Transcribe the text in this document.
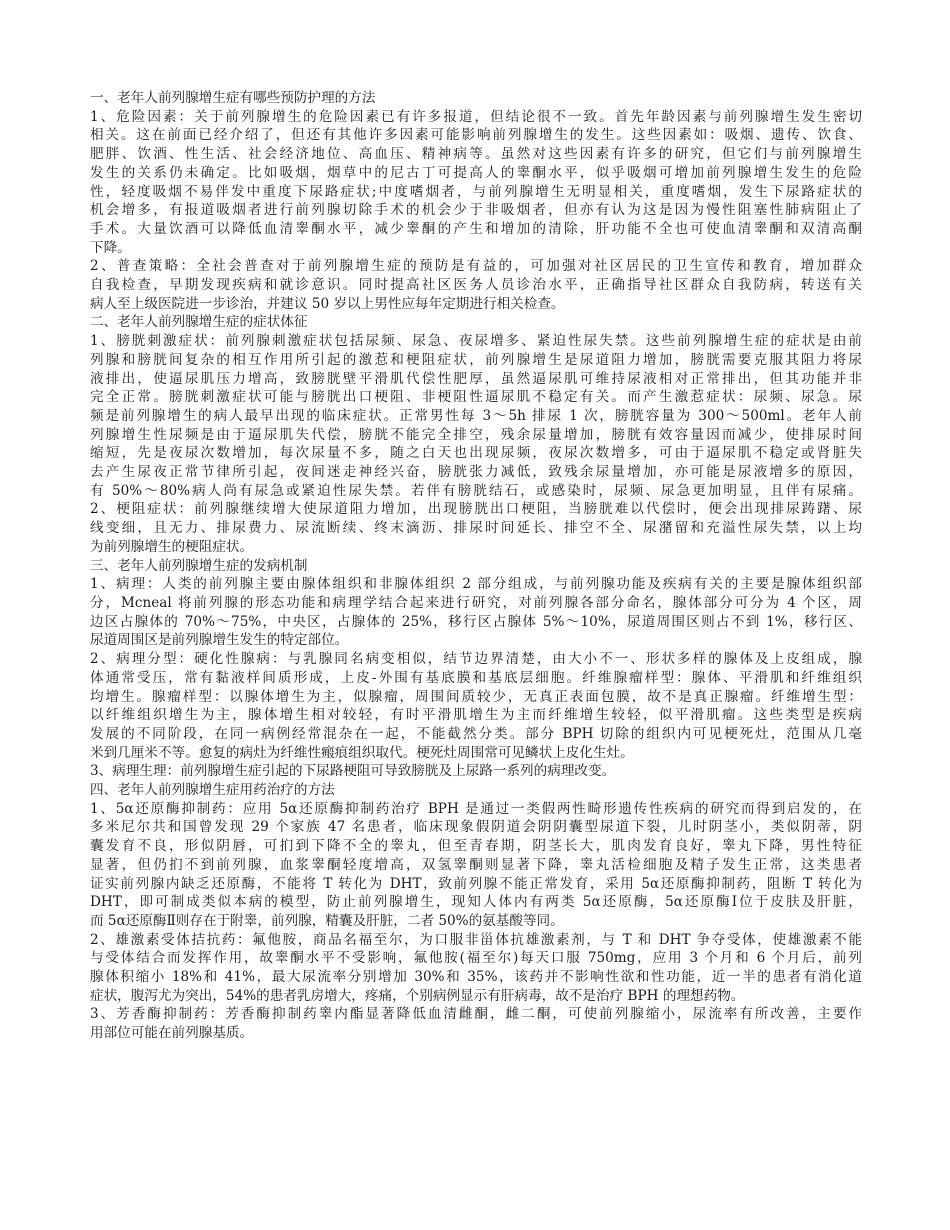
一、老年人前列腺增生症有哪些预防护理的方法
1、危险因素：关于前列腺增生的危险因素已有许多报道，但结论很不一致。首先年龄因素与前列腺增生发生密切
相关。这在前面已经介绍了，但还有其他许多因素可能影响前列腺增生的发生。这些因素如：吸烟、遗传、饮食、
肥胖、饮酒、性生活、社会经济地位、高血压、精神病等。虽然对这些因素有许多的研究，但它们与前列腺增生
发生的关系仍未确定。比如吸烟，烟草中的尼古丁可提高人的睾酮水平，似乎吸烟可增加前列腺增生发生的危险
性，轻度吸烟不易伴发中重度下尿路症状;中度嗜烟者，与前列腺增生无明显相关，重度嗜烟，发生下尿路症状的
机会增多，有报道吸烟者进行前列腺切除手术的机会少于非吸烟者，但亦有认为这是因为慢性阻塞性肺病阻止了
手术。大量饮酒可以降低血清睾酮水平，减少睾酮的产生和增加的清除，肝功能不全也可使血清睾酮和双清高酮
下降。
2、普查策略：全社会普查对于前列腺增生症的预防是有益的，可加强对社区居民的卫生宣传和教育，增加群众
自我检查，早期发现疾病和就诊意识。同时提高社区医务人员诊治水平，正确指导社区群众自我防病，转送有关
病人至上级医院进一步诊治，并建议 50 岁以上男性应每年定期进行相关检查。
二、老年人前列腺增生症的症状体征
1、膀胱刺激症状：前列腺刺激症状包括尿频、尿急、夜尿增多、紧迫性尿失禁。这些前列腺增生症的症状是由前
列腺和膀胱间复杂的相互作用所引起的激惹和梗阻症状，前列腺增生是尿道阻力增加，膀胱需要克服其阻力将尿
液排出，使逼尿肌压力增高，致膀胱壁平滑肌代偿性肥厚，虽然逼尿肌可维持尿液相对正常排出，但其功能并非
完全正常。膀胱刺激症状可能与膀胱出口梗阻、非梗阻性逼尿肌不稳定有关。而产生激惹症状：尿频、尿急。尿
频是前列腺增生的病人最早出现的临床症状。正常男性每 3～5h 排尿 1 次，膀胱容量为 300～500ml。老年人前
列腺增生性尿频是由于逼尿肌失代偿，膀胱不能完全排空，残余尿量增加，膀胱有效容量因而减少，使排尿时间
缩短，先是夜尿次数增加，每次尿量不多，随之白天也出现尿频，夜尿次数增多，可由于逼尿肌不稳定或肾脏失
去产生尿夜正常节律所引起，夜间迷走神经兴奋，膀胱张力减低，致残余尿量增加，亦可能是尿液增多的原因，
有 50%～80%病人尚有尿急或紧迫性尿失禁。若伴有膀胱结石，或感染时，尿频、尿急更加明显，且伴有尿痛。
2、梗阻症状：前列腺继续增大使尿道阻力增加，出现膀胱出口梗阻，当膀胱难以代偿时，便会出现排尿踌躇、尿
线变细，且无力、排尿费力、尿流断续、终末滴沥、排尿时间延长、排空不全、尿潴留和充溢性尿失禁，以上均
为前列腺增生的梗阻症状。
三、老年人前列腺增生症的发病机制
1、病理：人类的前列腺主要由腺体组织和非腺体组织 2 部分组成，与前列腺功能及疾病有关的主要是腺体组织部
分，Mcneal 将前列腺的形态功能和病理学结合起来进行研究，对前列腺各部分命名，腺体部分可分为 4 个区，周
边区占腺体的 70%～75%，中央区，占腺体的 25%，移行区占腺体 5%～10%，尿道周围区则占不到 1%，移行区、
尿道周围区是前列腺增生发生的特定部位。
2、病理分型：硬化性腺病：与乳腺同名病变相似，结节边界清楚，由大小不一、形状多样的腺体及上皮组成，腺
体通常受压，常有黏液样间质形成，上皮-外围有基底膜和基底层细胞。纤维腺瘤样型：腺体、平滑肌和纤维组织
均增生。腺瘤样型：以腺体增生为主，似腺瘤，周围间质较少，无真正表面包膜，故不是真正腺瘤。纤维增生型：
以纤维组织增生为主，腺体增生相对较轻，有时平滑肌增生为主而纤维增生较轻，似平滑肌瘤。这些类型是疾病
发展的不同阶段，在同一病例经常混杂在一起，不能截然分类。部分 BPH 切除的组织内可见梗死灶，范围从几毫
米到几厘米不等。愈复的病灶为纤维性瘢痕组织取代。梗死灶周围常可见鳞状上皮化生灶。
3、病理生理：前列腺增生症引起的下尿路梗阻可导致膀胱及上尿路一系列的病理改变。
四、老年人前列腺增生症用药治疗的方法
1、5α还原酶抑制药：应用 5α还原酶抑制药治疗 BPH 是通过一类假两性畸形遗传性疾病的研究而得到启发的，在
多米尼尔共和国曾发现 29 个家族 47 名患者，临床现象假阴道会阴阴囊型尿道下裂，儿时阴茎小，类似阴蒂，阴
囊发育不良，形似阴唇，可扪到下降不全的睾丸，但至青春期，阴茎长大，肌肉发育良好，睾丸下降，男性特征
显著，但仍扪不到前列腺，血浆睾酮轻度增高，双氢睾酮则显著下降，睾丸活检细胞及精子发生正常，这类患者
证实前列腺内缺乏还原酶，不能将 T 转化为 DHT，致前列腺不能正常发育，采用 5α还原酶抑制药，阻断 T 转化为
DHT，即可制成类似本病的模型，防止前列腺增生，现知人体内有两类 5α还原酶，5α还原酶Ⅰ位于皮肤及肝脏，
而 5α还原酶Ⅱ则存在于附睾，前列腺，精囊及肝脏，二者 50%的氨基酸等同。
2、雄激素受体拮抗药：氟他胺，商品名福至尔，为口服非甾体抗雄激素剂，与 T 和 DHT 争夺受体，使雄激素不能
与受体结合而发挥作用，故睾酮水平不受影响，氟他胺(福至尔)每天口服 750mg，应用 3 个月和 6 个月后，前列
腺体积缩小 18%和 41%，最大尿流率分别增加 30%和 35%，该药并不影响性欲和性功能，近一半的患者有消化道
症状，腹泻尤为突出，54%的患者乳房增大，疼痛，个别病例显示有肝病毒，故不是治疗 BPH 的理想药物。
3、芳香酶抑制药：芳香酶抑制药睾内酯显著降低血清雌酮，雌二酮，可使前列腺缩小，尿流率有所改善，主要作
用部位可能在前列腺基质。
